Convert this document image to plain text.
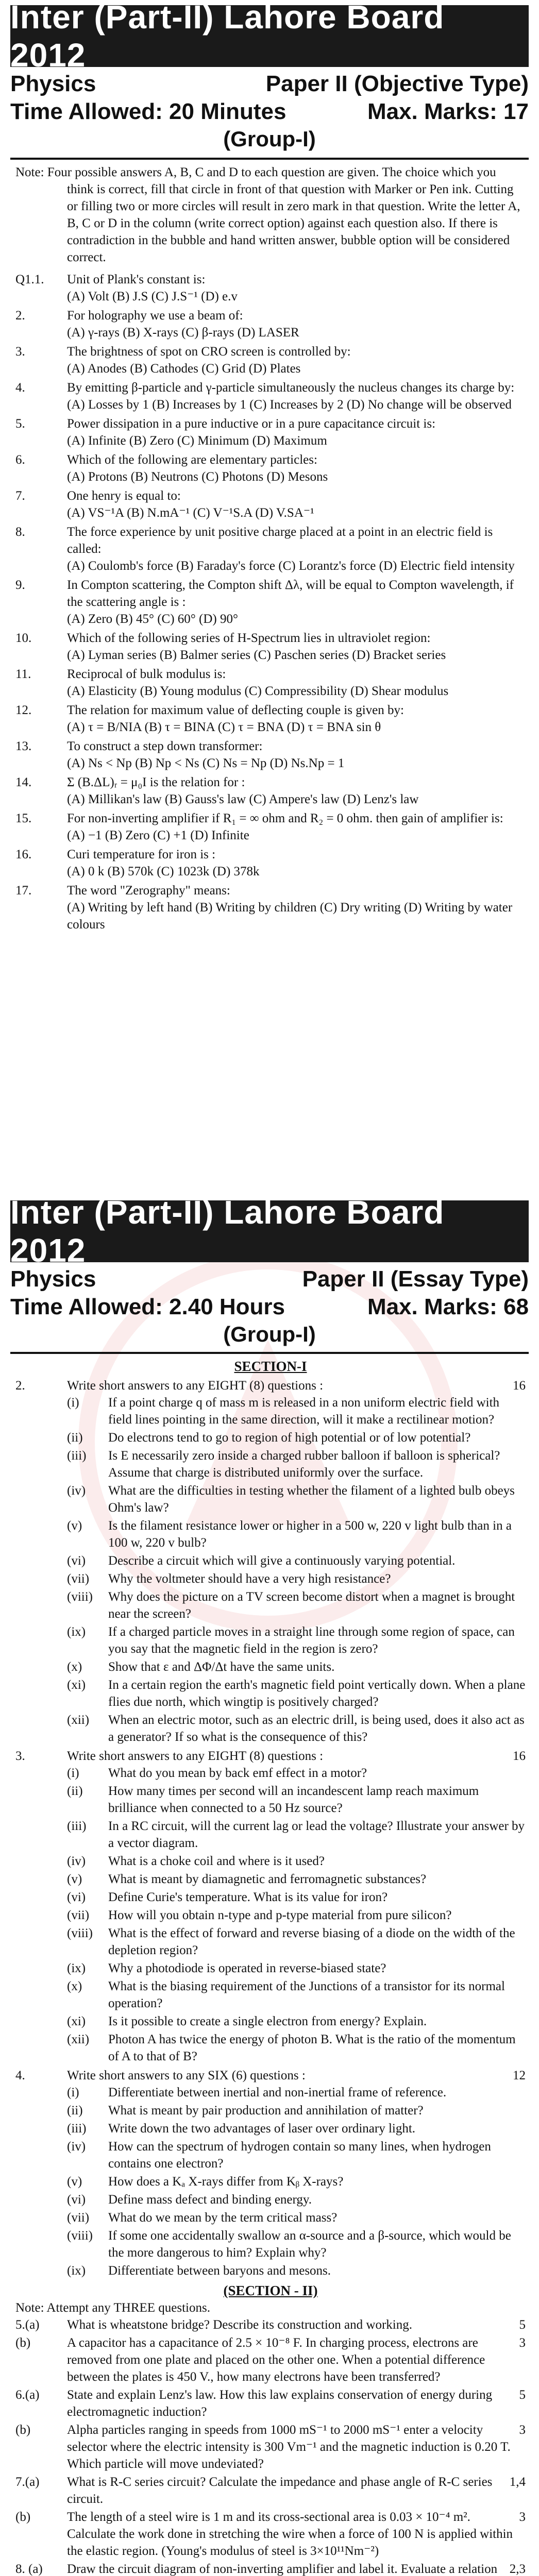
Inter (Part-II) Lahore Board 2012
Physics	Paper II (Objective Type)
Time Allowed: 20 Minutes	Max. Marks: 17
(Group-I)

Note: Four possible answers A, B, C and D to each question are given. The choice which you think is correct, fill that circle in front of that question with Marker or Pen ink. Cutting or filling two or more circles will result in zero mark in that question. Write the letter A, B, C or D in the column (write correct option) against each question also. If there is contradiction in the bubble and hand written answer, bubble option will be considered correct.

Q1.1.	Unit of Plank's constant is:
(A) Volt (B) J.S (C) J.S⁻¹ (D) e.v
2.	For holography we use a beam of:
(A) γ-rays (B) X-rays (C) β-rays (D) LASER
3.	The brightness of spot on CRO screen is controlled by:
(A) Anodes (B) Cathodes (C) Grid (D) Plates
4.	By emitting β-particle and γ-particle simultaneously the nucleus changes its charge by:
(A) Losses by 1 (B) Increases by 1 (C) Increases by 2 (D) No change will be observed
5.	Power dissipation in a pure inductive or in a pure capacitance circuit is:
(A) Infinite (B) Zero (C) Minimum (D) Maximum
6.	Which of the following are elementary particles:
(A) Protons (B) Neutrons (C) Photons (D) Mesons
7.	One henry is equal to:
(A) VS⁻¹A (B) N.mA⁻¹ (C) V⁻¹S.A (D) V.SA⁻¹
8.	The force experience by unit positive charge placed at a point in an electric field is called:
(A) Coulomb's force (B) Faraday's force (C) Lorantz's force (D) Electric field intensity
9.	In Compton scattering, the Compton shift Δλ, will be equal to Compton wavelength, if the scattering angle is :
(A) Zero (B) 45° (C) 60° (D) 90°
10.	Which of the following series of H-Spectrum lies in ultraviolet region:
(A) Lyman series (B) Balmer series (C) Paschen series (D) Bracket series
11.	Reciprocal of bulk modulus is:
(A) Elasticity (B) Young modulus (C) Compressibility (D) Shear modulus
12.	The relation for maximum value of deflecting couple is given by:
(A) τ = B/NIA (B) τ = BINA (C) τ = BNA (D) τ = BNA sin θ
13.	To construct a step down transformer:
(A) Ns < Np (B) Np < Ns (C) Ns = Np (D) Ns.Np = 1
14.	Σ (B.ΔL)ᵣ = μ₀I is the relation for :
(A) Millikan's law (B) Gauss's law (C) Ampere's law (D) Lenz's law
15.	For non-inverting amplifier if R₁ = ∞ ohm and R₂ = 0 ohm. then gain of amplifier is:
(A) −1 (B) Zero (C) +1 (D) Infinite
16.	Curi temperature for iron is :
(A) 0 k (B) 570k (C) 1023k (D) 378k
17.	The word "Zerography" means:
(A) Writing by left hand (B) Writing by children (C) Dry writing (D) Writing by water colours
Inter (Part-II) Lahore Board 2012
Physics	Paper II (Essay Type)
Time Allowed: 2.40 Hours	Max. Marks: 68
(Group-I)
SECTION-I
2.	16
Write short answers to any EIGHT (8) questions :
(i)	If a point charge q of mass m is released in a non uniform electric field with field lines pointing in the same direction, will it make a rectilinear motion?
(ii)	Do electrons tend to go to region of high potential or of low potential?
(iii)	Is E necessarily zero inside a charged rubber balloon if balloon is spherical? Assume that charge is distributed uniformly over the surface.
(iv)	What are the difficulties in testing whether the filament of a lighted bulb obeys Ohm's law?
(v)	Is the filament resistance lower or higher in a 500 w, 220 v light bulb than in a 100 w, 220 v bulb?
(vi)	Describe a circuit which will give a continuously varying potential.
(vii)	Why the voltmeter should have a very high resistance?
(viii)	Why does the picture on a TV screen become distort when a magnet is brought near the screen?
(ix)	If a charged particle moves in a straight line through some region of space, can you say that the magnetic field in the region is zero?
(x)	Show that ε and ΔΦ/Δt have the same units.
(xi)	In a certain region the earth's magnetic field point vertically down. When a plane flies due north, which wingtip is positively charged?
(xii)	When an electric motor, such as an electric drill, is being used, does it also act as a generator? If so what is the consequence of this?
3.	16
Write short answers to any EIGHT (8) questions :
(i)	What do you mean by back emf effect in a motor?
(ii)	How many times per second will an incandescent lamp reach maximum brilliance when connected to a 50 Hz source?
(iii)	In a RC circuit, will the current lag or lead the voltage? Illustrate your answer by a vector diagram.
(iv)	What is a choke coil and where is it used?
(v)	What is meant by diamagnetic and ferromagnetic substances?
(vi)	Define Curie's temperature. What is its value for iron?
(vii)	How will you obtain n-type and p-type material from pure silicon?
(viii)	What is the effect of forward and reverse biasing of a diode on the width of the depletion region?
(ix)	Why a photodiode is operated in reverse-biased state?
(x)	What is the biasing requirement of the Junctions of a transistor for its normal operation?
(xi)	Is it possible to create a single electron from energy? Explain.
(xii)	Photon A has twice the energy of photon B. What is the ratio of the momentum of A to that of B?
4.	12
Write short answers to any SIX (6) questions :
(i)	Differentiate between inertial and non-inertial frame of reference.
(ii)	What is meant by pair production and annihilation of matter?
(iii)	Write down the two advantages of laser over ordinary light.
(iv)	How can the spectrum of hydrogen contain so many lines, when hydrogen contains one electron?
(v)	How does a Kₐ X-rays differ from Kᵦ X-rays?
(vi)	Define mass defect and binding energy.
(vii)	What do we mean by the term critical mass?
(viii)	If some one accidentally swallow an α-source and a β-source, which would be the more dangerous to him? Explain why?
(ix)	Differentiate between baryons and mesons.
(SECTION - II)
Note: Attempt any THREE questions.
5.(a)	5
What is wheatstone bridge? Describe its construction and working.
(b)	3
A capacitor has a capacitance of 2.5 × 10⁻⁸ F. In charging process, electrons are removed from one plate and placed on the other one. When a potential difference between the plates is 450 V., how many electrons have been transferred?
6.(a)	5
State and explain Lenz's law. How this law explains conservation of energy during electromagnetic induction?
(b)	3
Alpha particles ranging in speeds from 1000 mS⁻¹ to 2000 mS⁻¹ enter a velocity selector where the electric intensity is 300 Vm⁻¹ and the magnetic induction is 0.20 T. Which particle will move undeviated?
7.(a)	1,4
What is R-C series circuit? Calculate the impedance and phase angle of R-C series circuit.
(b)	3
The length of a steel wire is 1 m and its cross-sectional area is 0.03 × 10⁻⁴ m². Calculate the work done in stretching the wire when a force of 100 N is applied within the elastic region. (Young's modulus of steel is 3×10¹¹Nm⁻²)
8. (a)	2,3
Draw the circuit diagram of non-inverting amplifier and label it. Evaluate a relation
